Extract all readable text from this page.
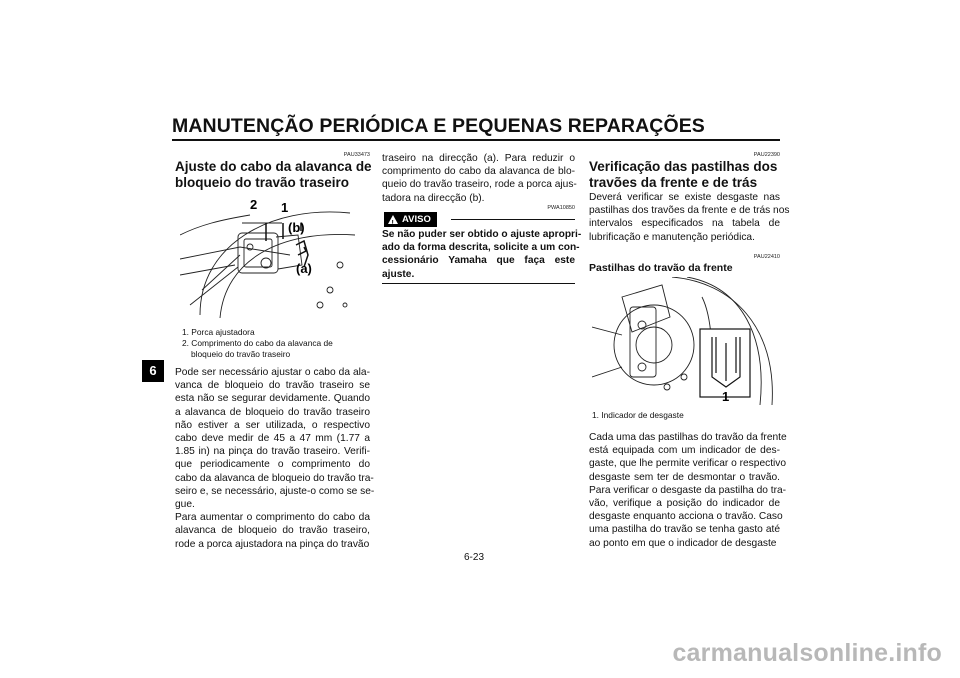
MANUTENÇÃO PERIÓDICA E PEQUENAS REPARAÇÕES
6
PAU33473
Ajuste do cabo da alavanca de
bloqueio do travão traseiro
2 1
(b)
(a)
1. Porca ajustadora
2. Comprimento do cabo da alavanca de
bloqueio do travão traseiro
Pode ser necessário ajustar o cabo da ala-
vanca de bloqueio do travão traseiro se
esta não se segurar devidamente. Quando
a alavanca de bloqueio do travão traseiro
não estiver a ser utilizada, o respectivo
cabo deve medir de 45 a 47 mm (1.77 a
1.85 in) na pinça do travão traseiro. Verifi-
que periodicamente o comprimento do
cabo da alavanca de bloqueio do travão tra-
seiro e, se necessário, ajuste-o como se se-
gue.
Para aumentar o comprimento do cabo da
alavanca de bloqueio do travão traseiro,
rode a porca ajustadora na pinça do travão
traseiro na direcção (a). Para reduzir o
comprimento do cabo da alavanca de blo-
queio do travão traseiro, rode a porca ajus-
tadora na direcção (b).
PWA10850
! AVISO
Se não puder ser obtido o ajuste apropri-
ado da forma descrita, solicite a um con-
cessionário Yamaha que faça este
ajuste.
PAU22390
Verificação das pastilhas dos
travões da frente e de trás
Deverá verificar se existe desgaste nas
pastilhas dos travões da frente e de trás nos
intervalos especificados na tabela de
lubrificação e manutenção periódica.
PAU22410
Pastilhas do travão da frente
1
1. Indicador de desgaste
Cada uma das pastilhas do travão da frente
está equipada com um indicador de des-
gaste, que lhe permite verificar o respectivo
desgaste sem ter de desmontar o travão.
Para verificar o desgaste da pastilha do tra-
vão, verifique a posição do indicador de
desgaste enquanto acciona o travão. Caso
uma pastilha do travão se tenha gasto até
ao ponto em que o indicador de desgaste
6-23
carmanualsonline.info
